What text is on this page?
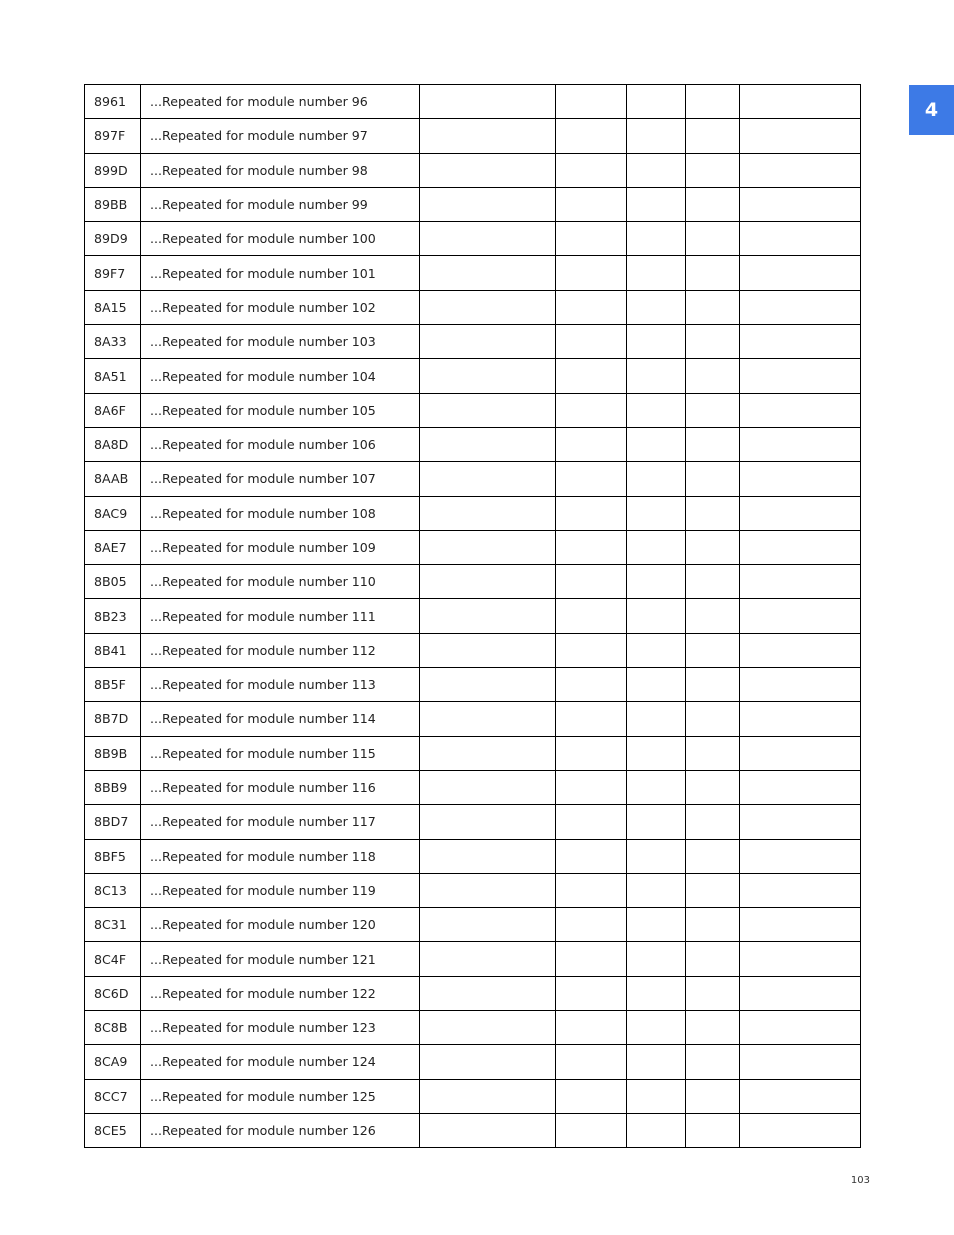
4
8961	...Repeated for module number 96					
897F	...Repeated for module number 97					
899D	...Repeated for module number 98					
89BB	...Repeated for module number 99					
89D9	...Repeated for module number 100					
89F7	...Repeated for module number 101					
8A15	...Repeated for module number 102					
8A33	...Repeated for module number 103					
8A51	...Repeated for module number 104					
8A6F	...Repeated for module number 105					
8A8D	...Repeated for module number 106					
8AAB	...Repeated for module number 107					
8AC9	...Repeated for module number 108					
8AE7	...Repeated for module number 109					
8B05	...Repeated for module number 110					
8B23	...Repeated for module number 111					
8B41	...Repeated for module number 112					
8B5F	...Repeated for module number 113					
8B7D	...Repeated for module number 114					
8B9B	...Repeated for module number 115					
8BB9	...Repeated for module number 116					
8BD7	...Repeated for module number 117					
8BF5	...Repeated for module number 118					
8C13	...Repeated for module number 119					
8C31	...Repeated for module number 120					
8C4F	...Repeated for module number 121					
8C6D	...Repeated for module number 122					
8C8B	...Repeated for module number 123					
8CA9	...Repeated for module number 124					
8CC7	...Repeated for module number 125					
8CE5	...Repeated for module number 126					
103
